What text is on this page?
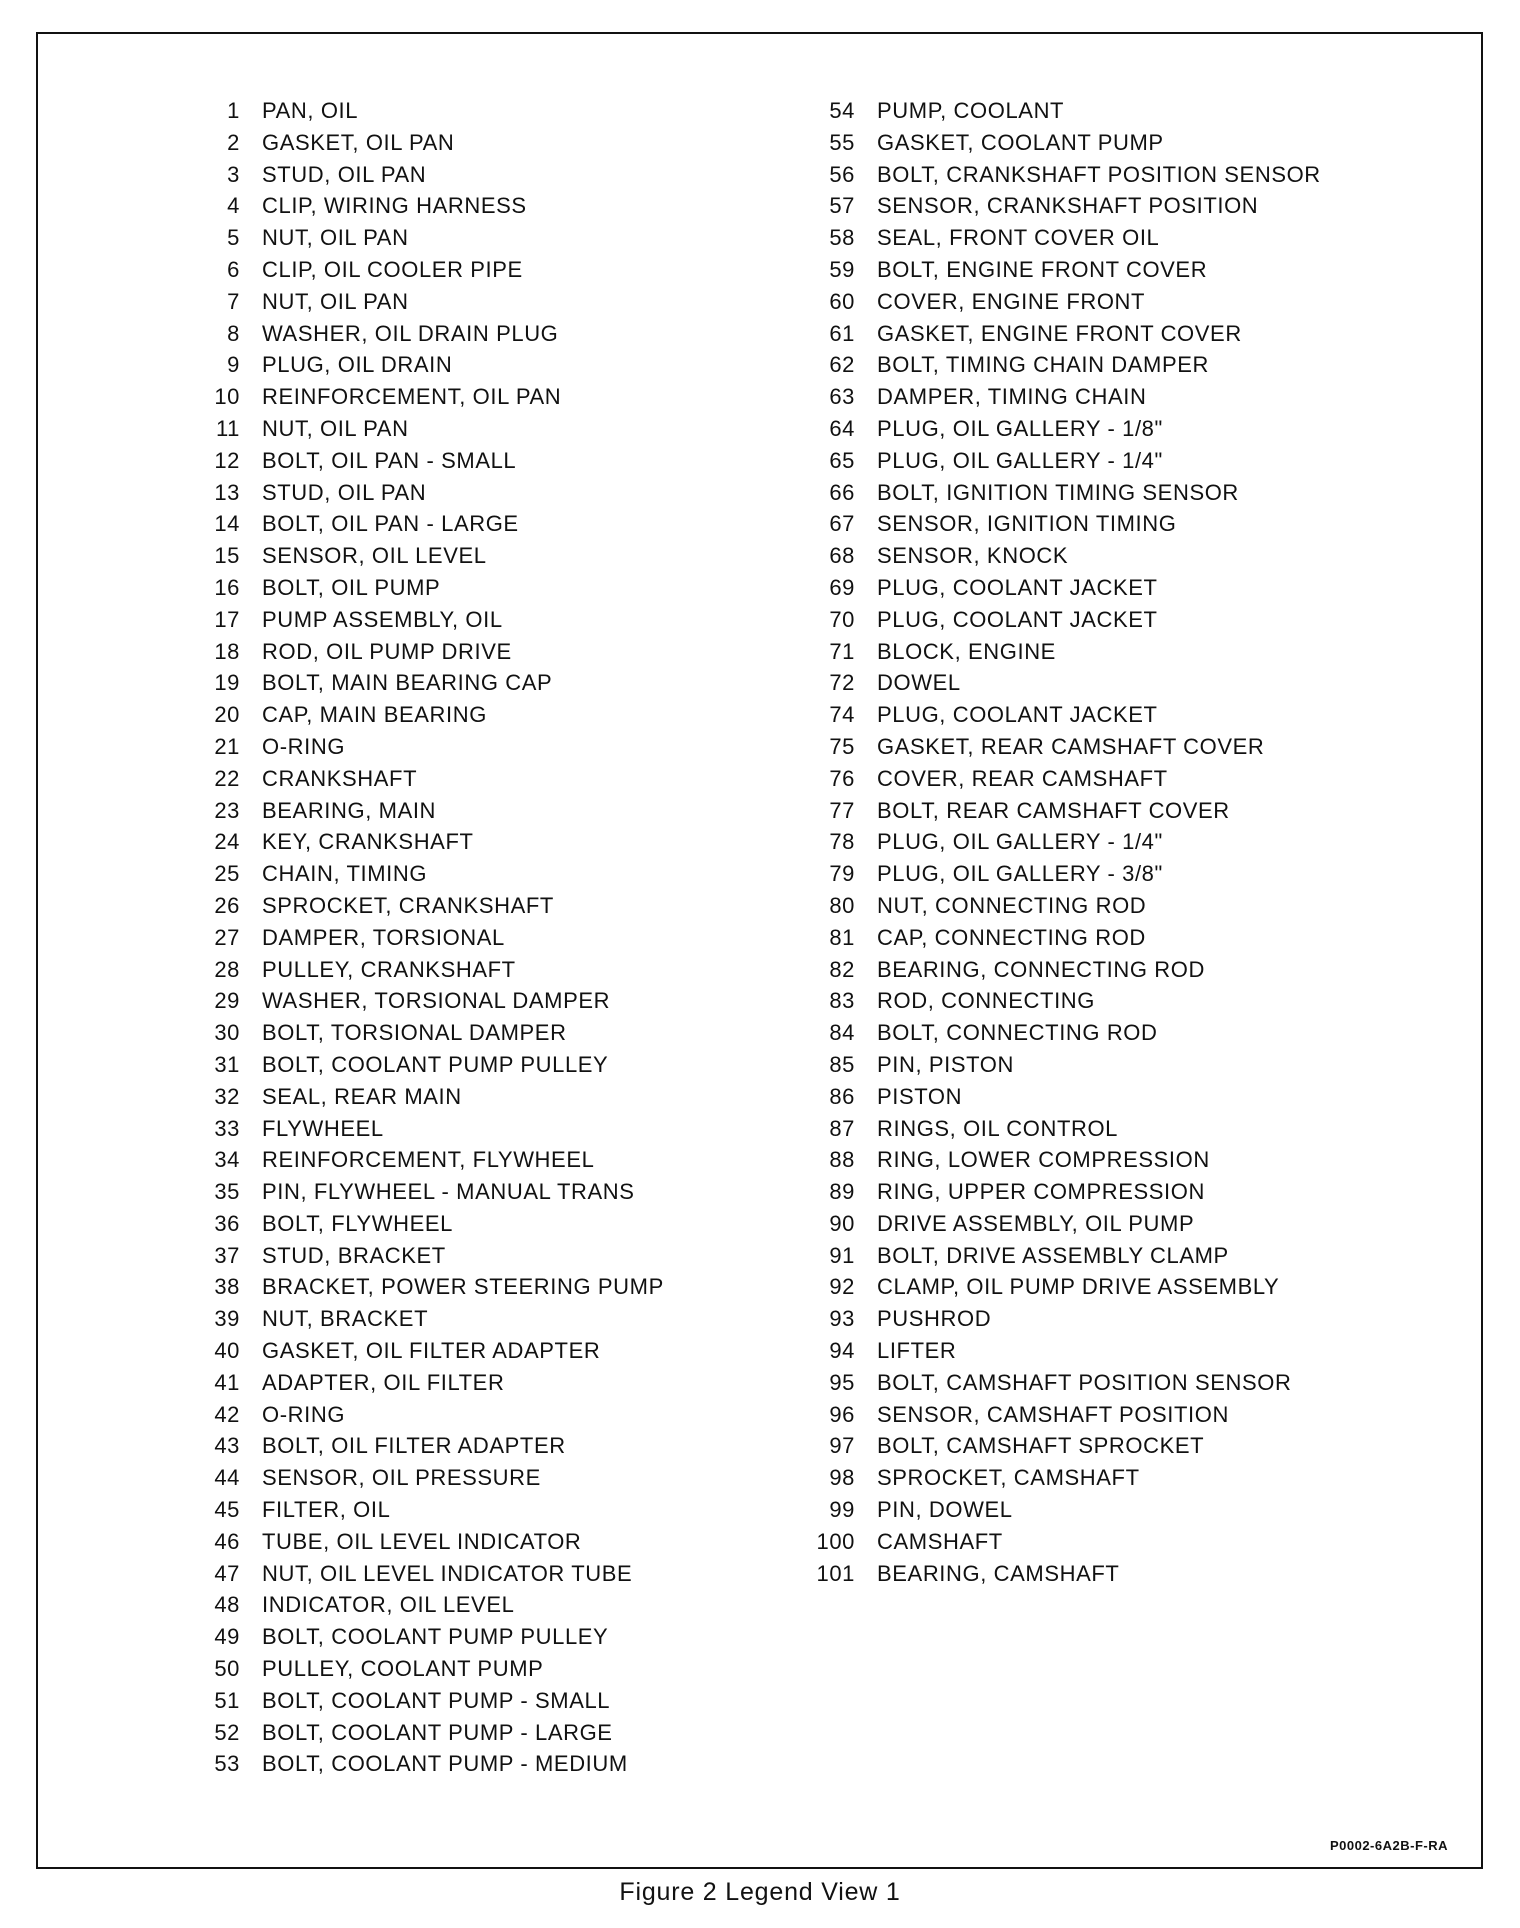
1 PAN, OIL
2 GASKET, OIL PAN
3 STUD, OIL PAN
4 CLIP, WIRING HARNESS
5 NUT, OIL PAN
6 CLIP, OIL COOLER PIPE
7 NUT, OIL PAN
8 WASHER, OIL DRAIN PLUG
9 PLUG, OIL DRAIN
10 REINFORCEMENT, OIL PAN
11 NUT, OIL PAN
12 BOLT, OIL PAN - SMALL
13 STUD, OIL PAN
14 BOLT, OIL PAN - LARGE
15 SENSOR, OIL LEVEL
16 BOLT, OIL PUMP
17 PUMP ASSEMBLY, OIL
18 ROD, OIL PUMP DRIVE
19 BOLT, MAIN BEARING CAP
20 CAP, MAIN BEARING
21 O-RING
22 CRANKSHAFT
23 BEARING, MAIN
24 KEY, CRANKSHAFT
25 CHAIN, TIMING
26 SPROCKET, CRANKSHAFT
27 DAMPER, TORSIONAL
28 PULLEY, CRANKSHAFT
29 WASHER, TORSIONAL DAMPER
30 BOLT, TORSIONAL DAMPER
31 BOLT, COOLANT PUMP PULLEY
32 SEAL, REAR MAIN
33 FLYWHEEL
34 REINFORCEMENT, FLYWHEEL
35 PIN, FLYWHEEL - MANUAL TRANS
36 BOLT, FLYWHEEL
37 STUD, BRACKET
38 BRACKET, POWER STEERING PUMP
39 NUT, BRACKET
40 GASKET, OIL FILTER ADAPTER
41 ADAPTER, OIL FILTER
42 O-RING
43 BOLT, OIL FILTER ADAPTER
44 SENSOR, OIL PRESSURE
45 FILTER, OIL
46 TUBE, OIL LEVEL INDICATOR
47 NUT, OIL LEVEL INDICATOR TUBE
48 INDICATOR, OIL LEVEL
49 BOLT, COOLANT PUMP PULLEY
50 PULLEY, COOLANT PUMP
51 BOLT, COOLANT PUMP - SMALL
52 BOLT, COOLANT PUMP - LARGE
53 BOLT, COOLANT PUMP - MEDIUM
54 PUMP, COOLANT
55 GASKET, COOLANT PUMP
56 BOLT, CRANKSHAFT POSITION SENSOR
57 SENSOR, CRANKSHAFT POSITION
58 SEAL, FRONT COVER OIL
59 BOLT, ENGINE FRONT COVER
60 COVER, ENGINE FRONT
61 GASKET, ENGINE FRONT COVER
62 BOLT, TIMING CHAIN DAMPER
63 DAMPER, TIMING CHAIN
64 PLUG, OIL GALLERY - 1/8"
65 PLUG, OIL GALLERY - 1/4"
66 BOLT, IGNITION TIMING SENSOR
67 SENSOR, IGNITION TIMING
68 SENSOR, KNOCK
69 PLUG, COOLANT JACKET
70 PLUG, COOLANT JACKET
71 BLOCK, ENGINE
72 DOWEL
74 PLUG, COOLANT JACKET
75 GASKET, REAR CAMSHAFT COVER
76 COVER, REAR CAMSHAFT
77 BOLT, REAR CAMSHAFT COVER
78 PLUG, OIL GALLERY - 1/4"
79 PLUG, OIL GALLERY - 3/8"
80 NUT, CONNECTING ROD
81 CAP, CONNECTING ROD
82 BEARING, CONNECTING ROD
83 ROD, CONNECTING
84 BOLT, CONNECTING ROD
85 PIN, PISTON
86 PISTON
87 RINGS, OIL CONTROL
88 RING, LOWER COMPRESSION
89 RING, UPPER COMPRESSION
90 DRIVE ASSEMBLY, OIL PUMP
91 BOLT, DRIVE ASSEMBLY CLAMP
92 CLAMP, OIL PUMP DRIVE ASSEMBLY
93 PUSHROD
94 LIFTER
95 BOLT, CAMSHAFT POSITION SENSOR
96 SENSOR, CAMSHAFT POSITION
97 BOLT, CAMSHAFT SPROCKET
98 SPROCKET, CAMSHAFT
99 PIN, DOWEL
100 CAMSHAFT
101 BEARING, CAMSHAFT
P0002-6A2B-F-RA
Figure 2 Legend View 1
